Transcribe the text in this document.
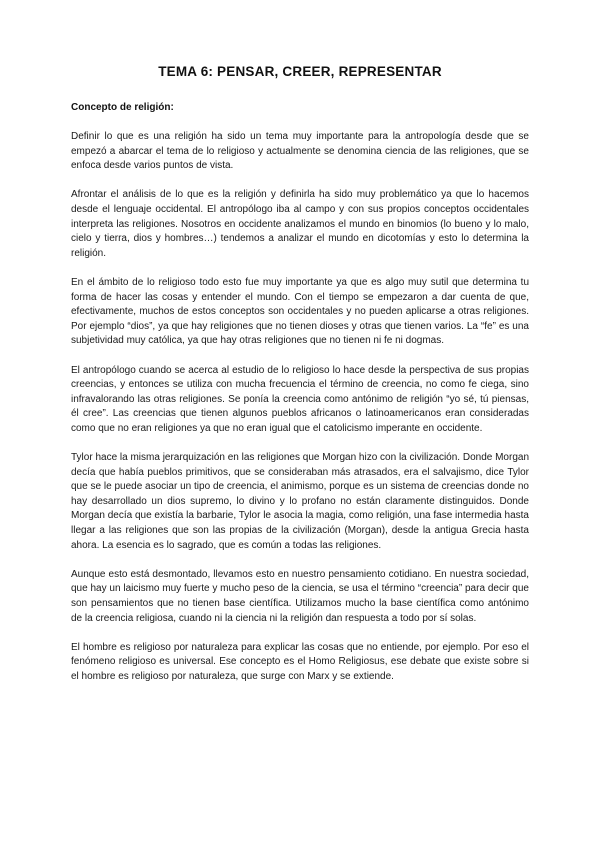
TEMA 6: PENSAR, CREER, REPRESENTAR
Concepto de religión:

Definir lo que es una religión ha sido un tema muy importante para la antropología desde que se empezó a abarcar el tema de lo religioso y actualmente se denomina ciencia de las religiones, que se enfoca desde varios puntos de vista.

Afrontar el análisis de lo que es la religión y definirla ha sido muy problemático ya que lo hacemos desde el lenguaje occidental. El antropólogo iba al campo y con sus propios conceptos occidentales interpreta las religiones. Nosotros en occidente analizamos el mundo en binomios (lo bueno y lo malo, cielo y tierra, dios y hombres…) tendemos a analizar el mundo en dicotomías y esto lo determina la religión.

En el ámbito de lo religioso todo esto fue muy importante ya que es algo muy sutil que determina tu forma de hacer las cosas y entender el mundo. Con el tiempo se empezaron a dar cuenta de que, efectivamente, muchos de estos conceptos son occidentales y no pueden aplicarse a otras religiones. Por ejemplo “dios”, ya que hay religiones que no tienen dioses y otras que tienen varios. La “fe” es una subjetividad muy católica, ya que hay otras religiones que no tienen ni fe ni dogmas.

El antropólogo cuando se acerca al estudio de lo religioso lo hace desde la perspectiva de sus propias creencias, y entonces se utiliza con mucha frecuencia el término de creencia, no como fe ciega, sino infravalorando las otras religiones. Se ponía la creencia como antónimo de religión “yo sé, tú piensas, él cree”. Las creencias que tienen algunos pueblos africanos o latinoamericanos eran consideradas como que no eran religiones ya que no eran igual que el catolicismo imperante en occidente.

Tylor hace la misma jerarquización en las religiones que Morgan hizo con la civilización. Donde Morgan decía que había pueblos primitivos, que se consideraban más atrasados, era el salvajismo, dice Tylor que se le puede asociar un tipo de creencia, el animismo, porque es un sistema de creencias donde no hay desarrollado un dios supremo, lo divino y lo profano no están claramente distinguidos. Donde Morgan decía que existía la barbarie, Tylor le asocia la magia, como religión, una fase intermedia hasta llegar a las religiones que son las propias de la civilización (Morgan), desde la antigua Grecia hasta ahora. La esencia es lo sagrado, que es común a todas las religiones.

Aunque esto está desmontado, llevamos esto en nuestro pensamiento cotidiano. En nuestra sociedad, que hay un laicismo muy fuerte y mucho peso de la ciencia, se usa el término “creencia” para decir que son pensamientos que no tienen base científica. Utilizamos mucho la base científica como antónimo de la creencia religiosa, cuando ni la ciencia ni la religión dan respuesta a todo por sí solas.

El hombre es religioso por naturaleza para explicar las cosas que no entiende, por ejemplo. Por eso el fenómeno religioso es universal. Ese concepto es el Homo Religiosus, ese debate que existe sobre si el hombre es religioso por naturaleza, que surge con Marx y se extiende.
